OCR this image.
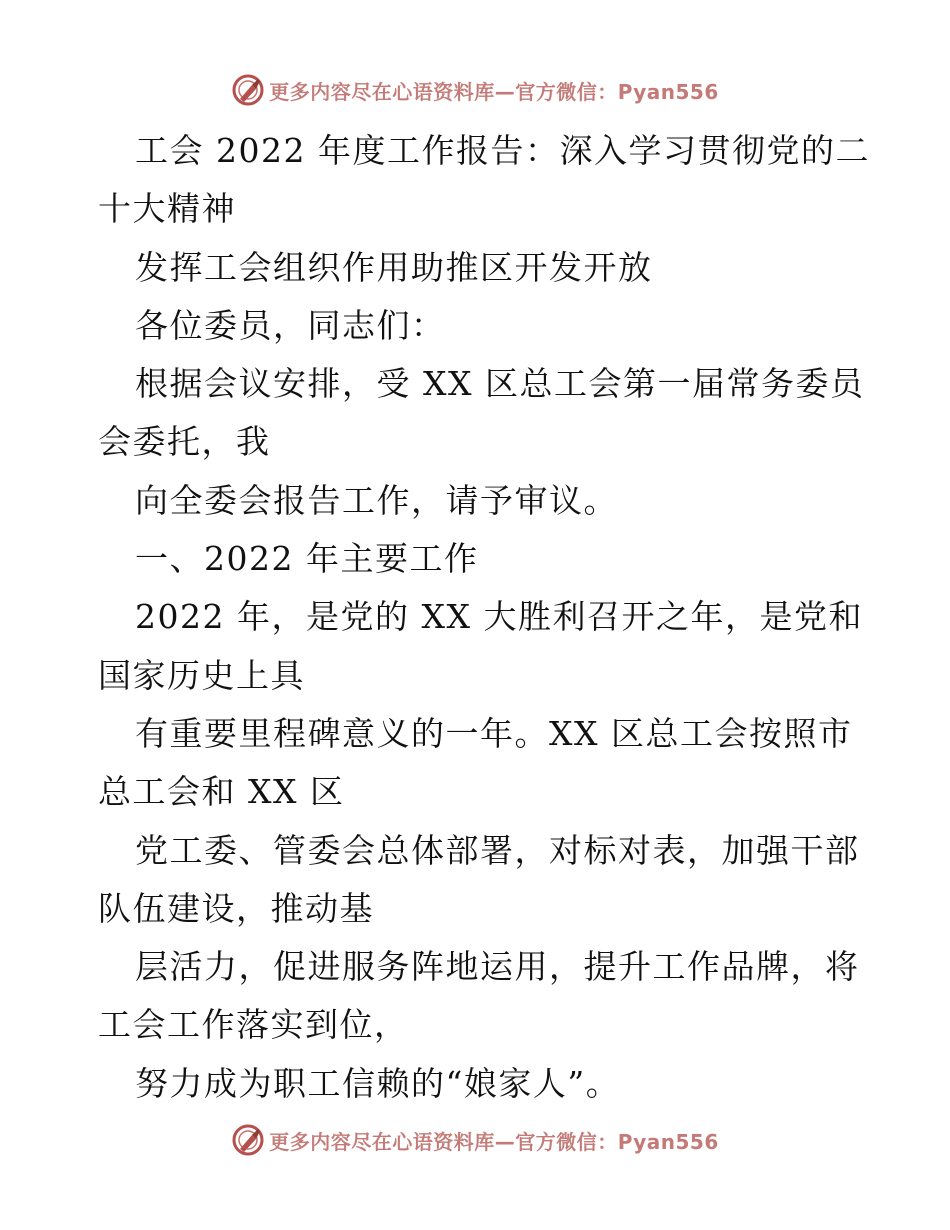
更多内容尽在心语资料库—官方微信：Pyan556
工会 2022 年度工作报告：深入学习贯彻党的二
十大精神
发挥工会组织作用助推区开发开放
各位委员，同志们：
根据会议安排，受 XX 区总工会第一届常务委员
会委托，我
向全委会报告工作，请予审议。
一、2022 年主要工作
2022 年，是党的 XX 大胜利召开之年，是党和
国家历史上具
有重要里程碑意义的一年。XX 区总工会按照市
总工会和 XX 区
党工委、管委会总体部署，对标对表，加强干部
队伍建设，推动基
层活力，促进服务阵地运用，提升工作品牌，将
工会工作落实到位，
努力成为职工信赖的“娘家人”。
更多内容尽在心语资料库—官方微信：Pyan556
